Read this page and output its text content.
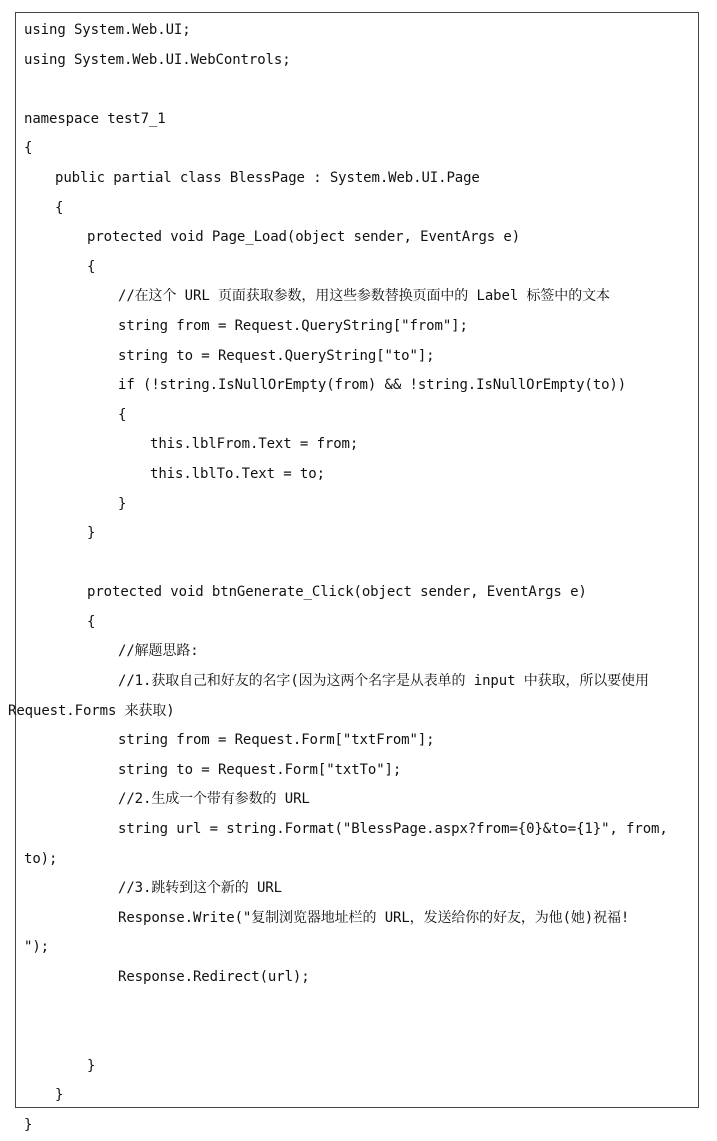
using System.Web.UI;
using System.Web.UI.WebControls;
namespace test7_1
{
public partial class BlessPage : System.Web.UI.Page
{
protected void Page_Load(object sender, EventArgs e)
{
//在这个 URL 页面获取参数，用这些参数替换页面中的 Label 标签中的文本
string from = Request.QueryString["from"];
string to = Request.QueryString["to"];
if (!string.IsNullOrEmpty(from) && !string.IsNullOrEmpty(to))
{
this.lblFrom.Text = from;
this.lblTo.Text = to;
}
}
protected void btnGenerate_Click(object sender, EventArgs e)
{
//解题思路:
//1.获取自己和好友的名字(因为这两个名字是从表单的 input 中获取，所以要使用
Request.Forms 来获取)
string from = Request.Form["txtFrom"];
string to = Request.Form["txtTo"];
//2.生成一个带有参数的 URL
string url = string.Format("BlessPage.aspx?from={0}&to={1}", from,
to);
//3.跳转到这个新的 URL
Response.Write("复制浏览器地址栏的 URL，发送给你的好友，为他(她)祝福!
");
Response.Redirect(url);
}
}
}
